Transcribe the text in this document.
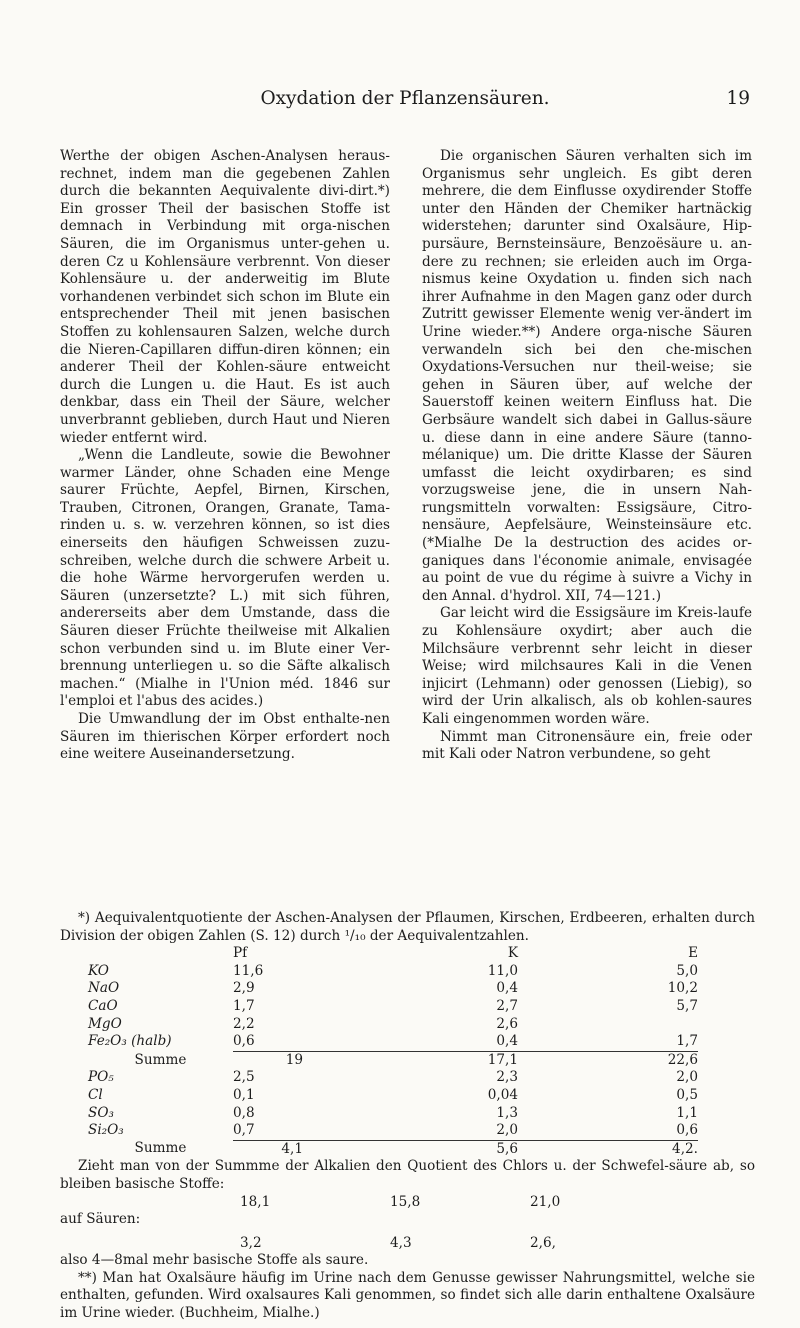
Oxydation der Pflanzensäuren.	19

Werthe der obigen Aschen-Analysen heraus-rechnet, indem man die gegebenen Zahlen durch die bekannten Aequivalente divi-dirt.*) Ein grosser Theil der basischen Stoffe ist demnach in Verbindung mit orga-nischen Säuren, die im Organismus unter-gehen u. deren Cz u Kohlensäure verbrennt. Von dieser Kohlensäure u. der anderweitig im Blute vorhandenen verbindet sich schon im Blute ein entsprechender Theil mit jenen basischen Stoffen zu kohlensauren Salzen, welche durch die Nieren-Capillaren diffun-diren können; ein anderer Theil der Kohlen-säure entweicht durch die Lungen u. die Haut. Es ist auch denkbar, dass ein Theil der Säure, welcher unverbrannt geblieben, durch Haut und Nieren wieder entfernt wird.

„Wenn die Landleute, sowie die Bewohner warmer Länder, ohne Schaden eine Menge saurer Früchte, Aepfel, Birnen, Kirschen, Trauben, Citronen, Orangen, Granate, Tama-rinden u. s. w. verzehren können, so ist dies einerseits den häufigen Schweissen zuzu-schreiben, welche durch die schwere Arbeit u. die hohe Wärme hervorgerufen werden u. Säuren (unzersetzte? L.) mit sich führen, andererseits aber dem Umstande, dass die Säuren dieser Früchte theilweise mit Alkalien schon verbunden sind u. im Blute einer Ver-brennung unterliegen u. so die Säfte alkalisch machen.“ (Mialhe in l'Union méd. 1846 sur l'emploi et l'abus des acides.)

Die Umwandlung der im Obst enthalte-nen Säuren im thierischen Körper erfordert noch eine weitere Auseinandersetzung.

Die organischen Säuren verhalten sich im Organismus sehr ungleich. Es gibt deren mehrere, die dem Einflusse oxydirender Stoffe unter den Händen der Chemiker hartnäckig widerstehen; darunter sind Oxalsäure, Hip-pursäure, Bernsteinsäure, Benzoësäure u. an-dere zu rechnen; sie erleiden auch im Orga-nismus keine Oxydation u. finden sich nach ihrer Aufnahme in den Magen ganz oder durch Zutritt gewisser Elemente wenig ver-ändert im Urine wieder.**) Andere orga-nische Säuren verwandeln sich bei den che-mischen Oxydations-Versuchen nur theil-weise; sie gehen in Säuren über, auf welche der Sauerstoff keinen weitern Einfluss hat. Die Gerbsäure wandelt sich dabei in Gallus-säure u. diese dann in eine andere Säure (tanno-mélanique) um. Die dritte Klasse der Säuren umfasst die leicht oxydirbaren; es sind vorzugsweise jene, die in unsern Nah-rungsmitteln vorwalten: Essigsäure, Citro-nensäure, Aepfelsäure, Weinsteinsäure etc. (*Mialhe De la destruction des acides or-ganiques dans l'économie animale, envisagée au point de vue du régime à suivre a Vichy in den Annal. d'hydrol. XII, 74—121.)

Gar leicht wird die Essigsäure im Kreis-laufe zu Kohlensäure oxydirt; aber auch die Milchsäure verbrennt sehr leicht in dieser Weise; wird milchsaures Kali in die Venen injicirt (Lehmann) oder genossen (Liebig), so wird der Urin alkalisch, als ob kohlen-saures Kali eingenommen worden wäre.

Nimmt man Citronensäure ein, freie oder mit Kali oder Natron verbundene, so geht

*) Aequivalentquotiente der Aschen-Analysen der Pflaumen, Kirschen, Erdbeeren, erhalten durch Division der obigen Zahlen (S. 12) durch ¹/₁₀ der Aequivalentzahlen.

	Pf	K	E
KO	11,6	11,0	5,0
NaO	2,9	0,4	10,2
CaO	1,7	2,7	5,7
MgO	2,2	2,6	
Fe₂O₃ (halb)	0,6	0,4	1,7
Summe	19	17,1	22,6
PO₅	2,5	2,3	2,0
Cl	0,1	0,04	0,5
SO₃	0,8	1,3	1,1
Si₂O₃	0,7	2,0	0,6
Summe	4,1	5,6	4,2.

Zieht man von der Summme der Alkalien den Quotient des Chlors u. der Schwefel-säure ab, so bleiben basische Stoffe:

18,1	15,8	21,0

auf Säuren:

3,2	4,3	2,6,

also 4—8mal mehr basische Stoffe als saure.

**) Man hat Oxalsäure häufig im Urine nach dem Genusse gewisser Nahrungsmittel, welche sie enthalten, gefunden. Wird oxalsaures Kali genommen, so findet sich alle darin enthaltene Oxalsäure im Urine wieder. (Buchheim, Mialhe.)
